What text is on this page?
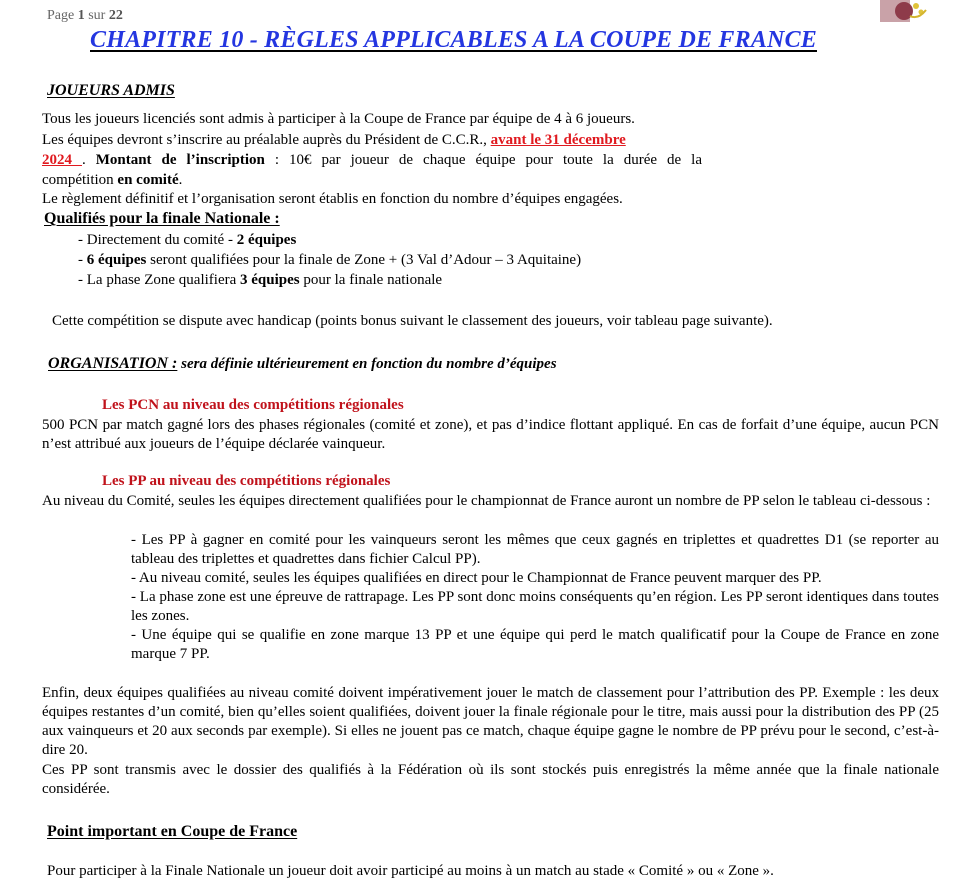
Page 1 sur 22
CHAPITRE 10 - RÈGLES APPLICABLES A LA COUPE DE FRANCE
JOUEURS ADMIS
Tous les joueurs licenciés sont admis à participer à la Coupe de France par équipe de 4 à 6 joueurs.
Les équipes devront s’inscrire au préalable auprès du Président de C.C.R., avant le 31 décembre
2024 . Montant de l’inscription : 10€ par joueur de chaque équipe pour toute la durée de la
compétition en comité.
Le règlement définitif et l’organisation seront établis en fonction du nombre d’équipes engagées.
Qualifiés pour la finale Nationale :
- Directement du comité - 2 équipes
- 6 équipes seront qualifiées pour la finale de Zone + (3 Val d’Adour – 3 Aquitaine)
- La phase Zone qualifiera 3 équipes pour la finale nationale
Cette compétition se dispute avec handicap (points bonus suivant le classement des joueurs, voir tableau page suivante).
ORGANISATION : sera définie ultérieurement en fonction du nombre d’équipes
Les PCN au niveau des compétitions régionales
500 PCN par match gagné lors des phases régionales (comité et zone), et pas d’indice flottant appliqué. En cas de forfait d’une équipe, aucun PCN n’est attribué aux joueurs de l’équipe déclarée vainqueur.
Les PP au niveau des compétitions régionales
Au niveau du Comité, seules les équipes directement qualifiées pour le championnat de France auront un nombre de PP selon le tableau ci-dessous :
- Les PP à gagner en comité pour les vainqueurs seront les mêmes que ceux gagnés en triplettes et quadrettes D1 (se reporter au tableau des triplettes et quadrettes dans fichier Calcul PP).
- Au niveau comité, seules les équipes qualifiées en direct pour le Championnat de France peuvent marquer des PP.
- La phase zone est une épreuve de rattrapage. Les PP sont donc moins conséquents qu’en région. Les PP seront identiques dans toutes les zones.
- Une équipe qui se qualifie en zone marque 13 PP et une équipe qui perd le match qualificatif pour la Coupe de France en zone marque 7 PP.
Enfin, deux équipes qualifiées au niveau comité doivent impérativement jouer le match de classement pour l’attribution des PP. Exemple : les deux équipes restantes d’un comité, bien qu’elles soient qualifiées, doivent jouer la finale régionale pour le titre, mais aussi pour la distribution des PP (25 aux vainqueurs et 20 aux seconds par exemple). Si elles ne jouent pas ce match, chaque équipe gagne le nombre de PP prévu pour le second, c’est-à-dire 20.
Ces PP sont transmis avec le dossier des qualifiés à la Fédération où ils sont stockés puis enregistrés la même année que la finale nationale considérée.
Point important en Coupe de France
Pour participer à la Finale Nationale un joueur doit avoir participé au moins à un match au stade « Comité » ou « Zone ».
